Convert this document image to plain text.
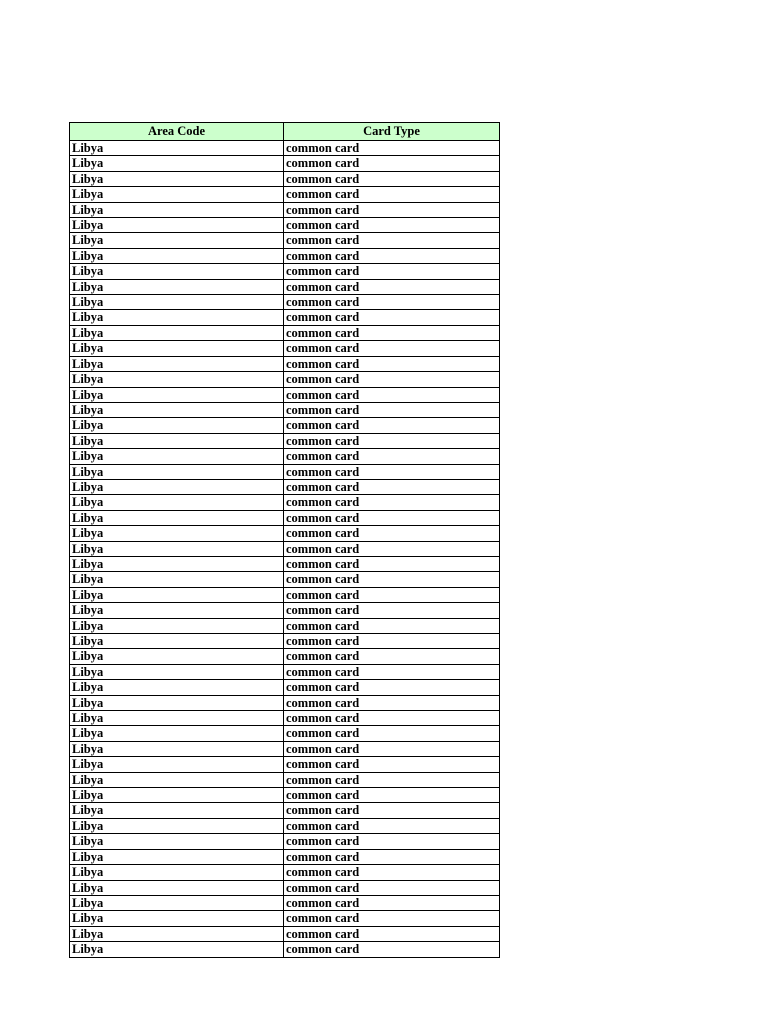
Area Code	Card Type
Libya	common card
Libya	common card
Libya	common card
Libya	common card
Libya	common card
Libya	common card
Libya	common card
Libya	common card
Libya	common card
Libya	common card
Libya	common card
Libya	common card
Libya	common card
Libya	common card
Libya	common card
Libya	common card
Libya	common card
Libya	common card
Libya	common card
Libya	common card
Libya	common card
Libya	common card
Libya	common card
Libya	common card
Libya	common card
Libya	common card
Libya	common card
Libya	common card
Libya	common card
Libya	common card
Libya	common card
Libya	common card
Libya	common card
Libya	common card
Libya	common card
Libya	common card
Libya	common card
Libya	common card
Libya	common card
Libya	common card
Libya	common card
Libya	common card
Libya	common card
Libya	common card
Libya	common card
Libya	common card
Libya	common card
Libya	common card
Libya	common card
Libya	common card
Libya	common card
Libya	common card
Libya	common card
